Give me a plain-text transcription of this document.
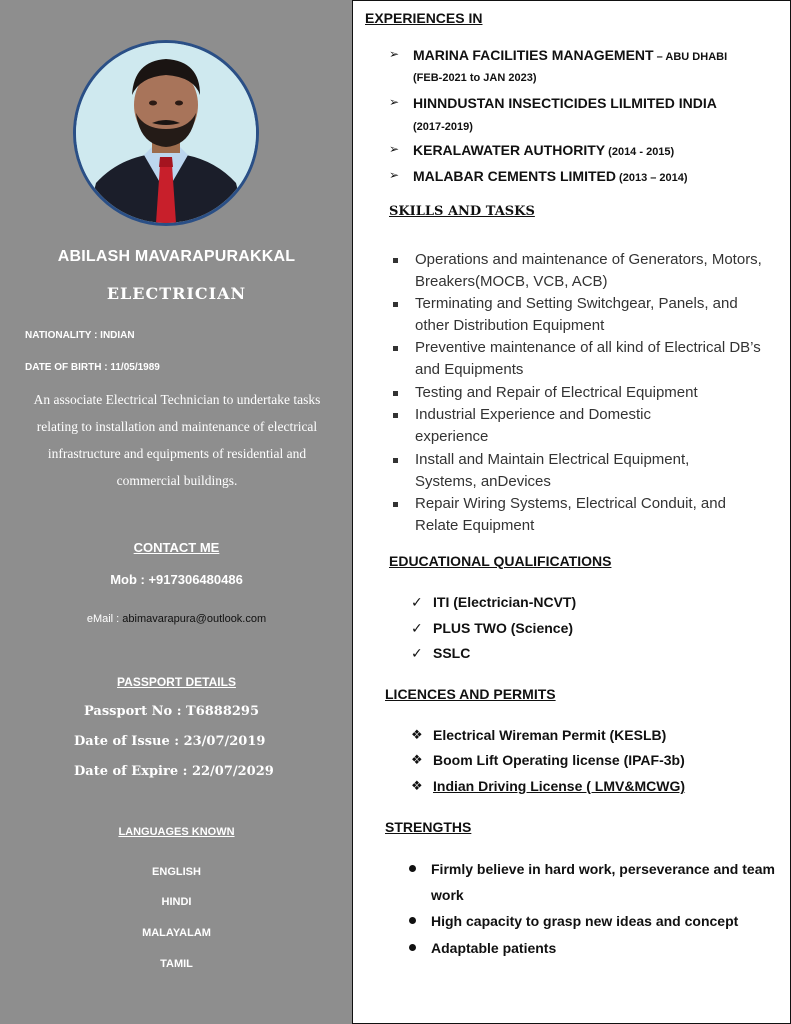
ABILASH MAVARAPURAKKAL
ELECTRICIAN
NATIONALITY : INDIAN
DATE OF BIRTH : 11/05/1989
An associate Electrical Technician to undertake tasks relating to installation and maintenance of electrical infrastructure and equipments of residential and commercial buildings.
CONTACT ME
Mob : +917306480486
eMail : abimavarapura@outlook.com
PASSPORT DETAILS
Passport No : T6888295
Date of Issue : 23/07/2019
Date of Expire : 22/07/2029
LANGUAGES KNOWN
ENGLISH
HINDI
MALAYALAM
TAMIL
EXPERIENCES IN
➢ MARINA FACILITIES MANAGEMENT – ABU DHABI
(FEB-2021 to JAN 2023)
➢ HINNDUSTAN INSECTICIDES LILMITED INDIA
(2017-2019)
➢ KERALAWATER AUTHORITY (2014 - 2015)
➢ MALABAR CEMENTS LIMITED (2013 – 2014)
SKILLS AND TASKS
Operations and maintenance of Generators, Motors, Breakers(MOCB, VCB, ACB)
Terminating and Setting Switchgear, Panels, and other Distribution Equipment
Preventive maintenance of all kind of Electrical DB’s and Equipments
Testing and Repair of Electrical Equipment
Industrial Experience and Domestic experience
Install and Maintain Electrical Equipment, Systems, anDevices
Repair Wiring Systems, Electrical Conduit, and Relate Equipment
EDUCATIONAL QUALIFICATIONS
✓ ITI (Electrician-NCVT)
✓ PLUS TWO (Science)
✓ SSLC
LICENCES AND PERMITS
❖ Electrical Wireman Permit (KESLB)
❖ Boom Lift Operating license (IPAF-3b)
❖ Indian Driving License ( LMV&MCWG)
STRENGTHS
Firmly believe in hard work, perseverance and team work
High capacity to grasp new ideas and concept
Adaptable patients
